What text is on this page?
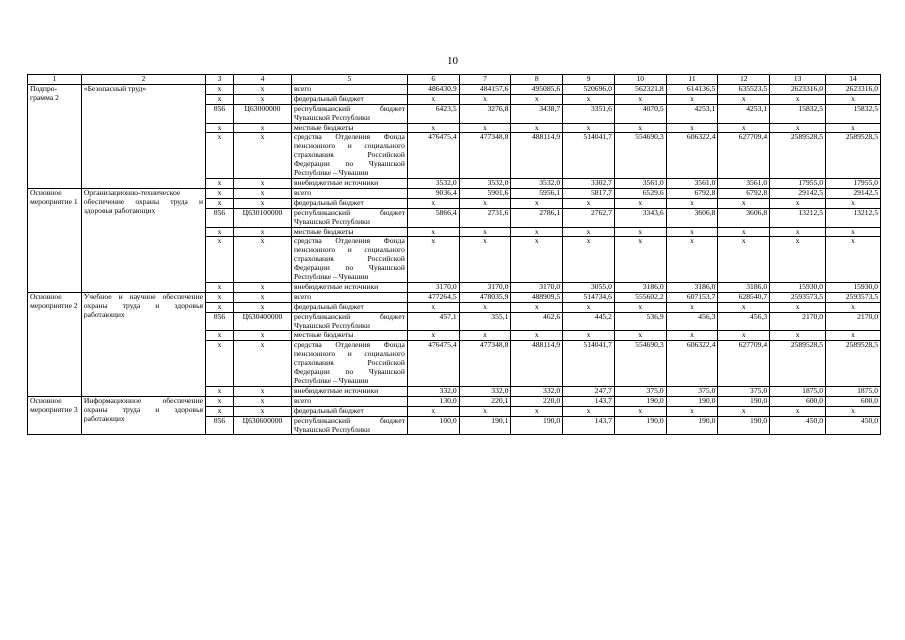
10
1	2	3	4	5	6	7	8	9	10	11	12	13	14
Подпро-грамма 2	«Безопасный труд»	x	x	всего	486430,9	484157,6	495085,6	520696,0	562321,8	614136,5	635523,5	2623316,0	2623316,0
		x	x	федеральный бюджет	x	x	x	x	x	x	x	x	x
		856	Ц63000000	республиканский бюджет Чувашской Республики	6423,5	3276,8	3438,7	3351,6	4070,5	4253,1	4253,1	15832,5	15832,5
		x	x	местные бюджеты	x	x	x	x	x	x	x	x	x
		x	x	средства Отделения Фонда пенсионного и социального страхования Российской Федерации по Чувашской Республике – Чувашии	476475,4	477348,8	488114,9	514041,7	554690,3	606322,4	627709,4	2589528,5	2589528,5
		x	x	внебюджетные источники	3532,0	3532,0	3532,0	3302,7	3561,0	3561,0	3561,0	17955,0	17955,0
Основное мероприятие 1	Организационно-техническое обеспечение охраны труда и здоровья работающих	x	x	всего	9036,4	5901,6	5956,1	5817,7	6529,6	6792,8	6792,8	29142,5	29142,5
		x	x	федеральный бюджет	x	x	x	x	x	x	x	x	x
		856	Ц630100000	республиканский бюджет Чувашской Республики	5866,4	2731,6	2786,1	2762,7	3343,6	3606,8	3606,8	13212,5	13212,5
		x	x	местные бюджеты	x	x	x	x	x	x	x	x	x
		x	x	средства Отделения Фонда пенсионного и социального страхования Российской Федерации по Чувашской Республике – Чувашии	x	x	x	x	x	x	x	x	x
		x	x	внебюджетные источники	3170,0	3170,0	3170,0	3055,0	3186,0	3186,0	3186,0	15930,0	15930,0
Основное мероприятие 2	Учебное и научное обеспечение охраны труда и здоровья работающих	x	x	всего	477264,5	478035,9	488909,5	514734,6	555602,2	607153,7	628540,7	2593573,5	2593573,5
		x	x	федеральный бюджет	x	x	x	x	x	x	x	x	x
		856	Ц630400000	республиканский бюджет Чувашской Республики	457,1	355,1	462,6	445,2	536,9	456,3	456,3	2170,0	2170,0
		x	x	местные бюджеты	x	x	x	x	x	x	x	x	x
		x	x	средства Отделения Фонда пенсионного и социального страхования Российской Федерации по Чувашской Республике – Чувашии	476475,4	477348,8	488114,9	514041,7	554690,3	606322,4	627709,4	2589528,5	2589528,5
		x	x	внебюджетные источники	332,0	332,0	332,0	247,7	375,0	375,0	375,0	1875,0	1875,0
Основное мероприятие 3	Информационное обеспечение охраны труда и здоровья работающих	x	x	всего	130,0	220,1	220,0	143,7	190,0	190,0	190,0	600,0	600,0
		x	x	федеральный бюджет	x	x	x	x	x	x	x	x	x
		856	Ц630600000	республиканский бюджет Чувашской Республики	100,0	190,1	190,0	143,7	190,0	190,0	190,0	450,0	450,0
